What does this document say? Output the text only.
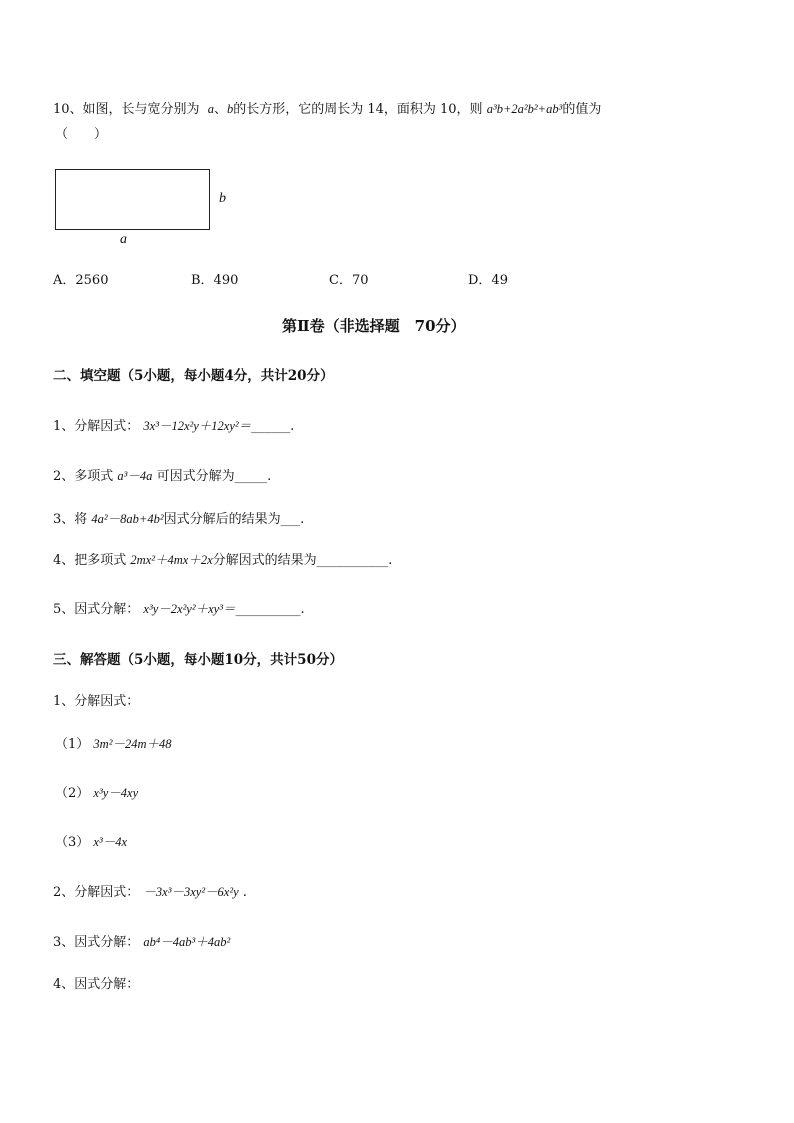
10、如图，长与宽分别为 a、b的长方形，它的周长为 14，面积为 10，则 a³b+2a²b²+ab³的值为
（　　）
b
a
A．2560	B．490	C．70	D．49
第Ⅱ卷（非选择题　70分）
二、填空题（5小题，每小题4分，共计20分）
1、分解因式： 3x³－12x²y＋12xy²＝______.
2、多项式 a³－4a 可因式分解为_____.
3、将 4a²－8ab+4b²因式分解后的结果为___.
4、把多项式 2mx²＋4mx＋2x分解因式的结果为___________.
5、因式分解： x³y－2x²y²＋xy³＝__________.
三、解答题（5小题，每小题10分，共计50分）
1、分解因式：
（1） 3m²－24m＋48
（2） x³y－4xy
（3） x³－4x
2、分解因式： －3x³－3xy²－6x²y .
3、因式分解： ab⁴－4ab³＋4ab²
4、因式分解：
